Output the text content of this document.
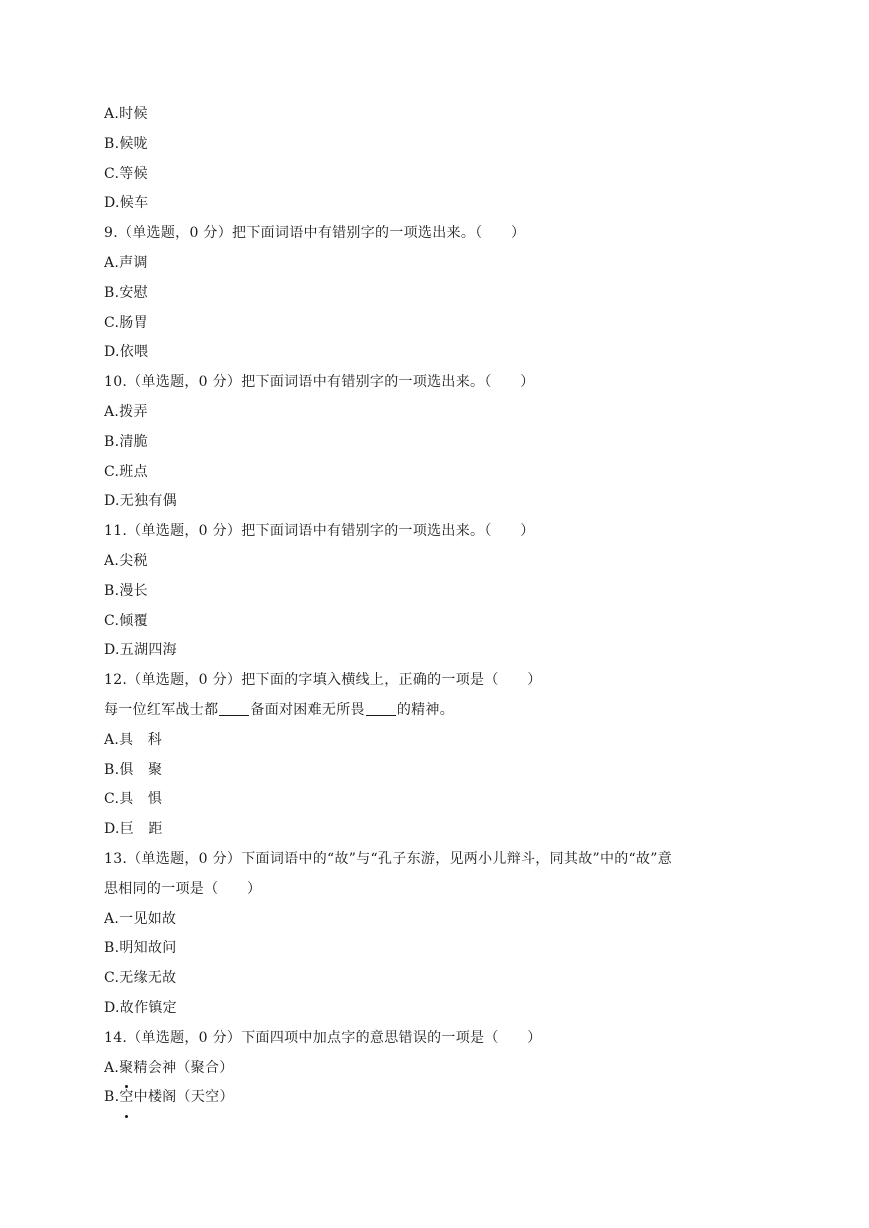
A.时候
B.候咙
C.等候
D.候车
9.（单选题，0 分）把下面词语中有错别字的一项选出来。（　　）
A.声调
B.安慰
C.肠胃
D.依喂
10.（单选题，0 分）把下面词语中有错别字的一项选出来。（　　）
A.拨弄
B.清脆
C.班点
D.无独有偶
11.（单选题，0 分）把下面词语中有错别字的一项选出来。（　　）
A.尖税
B.漫长
C.倾覆
D.五湖四海
12.（单选题，0 分）把下面的字填入横线上，正确的一项是（　　）
每一位红军战士都 备面对困难无所畏 的精神。
A.具　科
B.俱　聚
C.具　惧
D.巨　距
13.（单选题，0 分）下面词语中的“故”与“孔子东游，见两小儿辩斗，同其故”中的“故”意
思相同的一项是（　　）
A.一见如故
B.明知故问
C.无缘无故
D.故作镇定
14.（单选题，0 分）下面四项中加点字的意思错误的一项是（　　）
A.聚精会神（聚合）
B.空中楼阁（天空）
